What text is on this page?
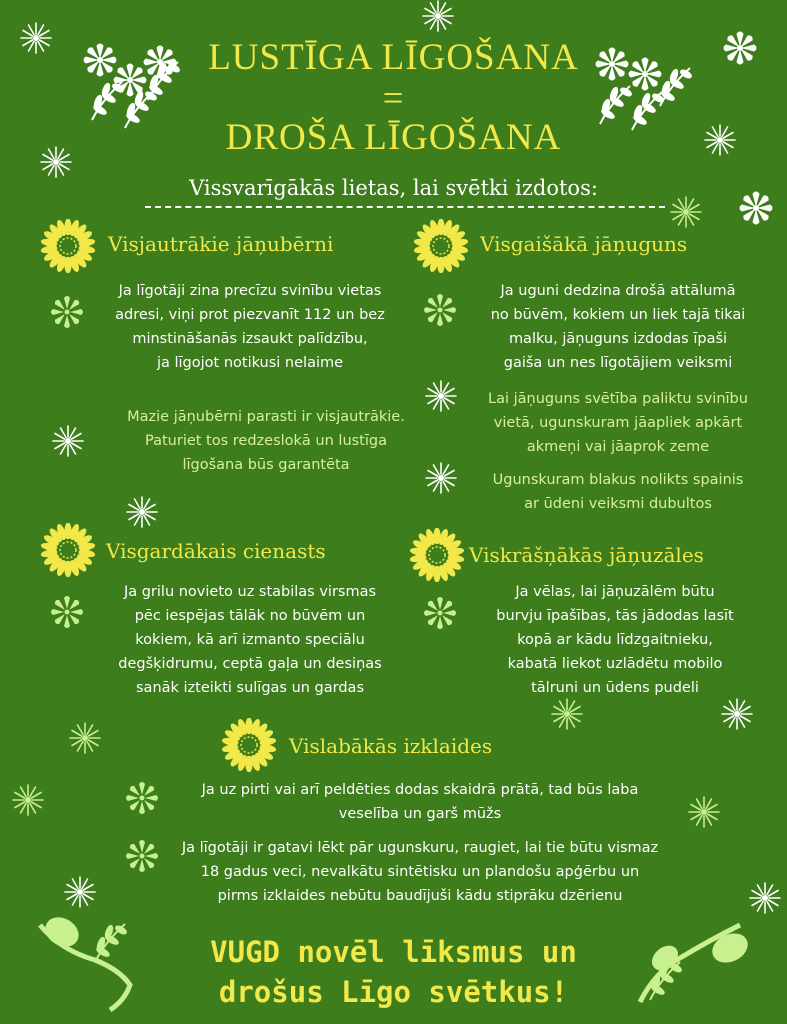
LUSTĪGA LĪGOŠANA
=
DROŠA LĪGOŠANA
Vissvarīgākās lietas, lai svētki izdotos:
Visjautrākie jāņubērni
Ja līgotāji zina precīzu svinību vietas
adresi, viņi prot piezvanīt 112 un bez
minstināšanās izsaukt palīdzību,
ja līgojot notikusi nelaime
Mazie jāņubērni parasti ir visjautrākie.
Paturiet tos redzeslokā un lustīga
līgošana būs garantēta
Visgaišākā jāņuguns
Ja uguni dedzina drošā attālumā
no būvēm, kokiem un liek tajā tikai
malku, jāņuguns izdodas īpaši
gaiša un nes līgotājiem veiksmi
Lai jāņuguns svētība paliktu svinību
vietā, ugunskuram jāapliek apkārt
akmeņi vai jāaprok zeme
Ugunskuram blakus nolikts spainis
ar ūdeni veiksmi dubultos
Visgardākais cienasts
Ja grilu novieto uz stabilas virsmas
pēc iespējas tālāk no būvēm un
kokiem, kā arī izmanto speciālu
degšķidrumu, ceptā gaļa un desiņas
sanāk izteikti sulīgas un gardas
Viskrāšņākās jāņuzāles
Ja vēlas, lai jāņuzālēm būtu
burvju īpašības, tās jādodas lasīt
kopā ar kādu līdzgaitnieku,
kabatā liekot uzlādētu mobilo
tālruni un ūdens pudeli
Vislabākās izklaides
Ja uz pirti vai arī peldēties dodas skaidrā prātā, tad būs laba
veselība un garš mūžs
Ja līgotāji ir gatavi lēkt pār ugunskuru, raugiet, lai tie būtu vismaz
18 gadus veci, nevalkātu sintētisku un plandošu apģērbu un
pirms izklaides nebūtu baudījuši kādu stiprāku dzērienu
VUGD novēl līksmus un
drošus Līgo svētkus!
